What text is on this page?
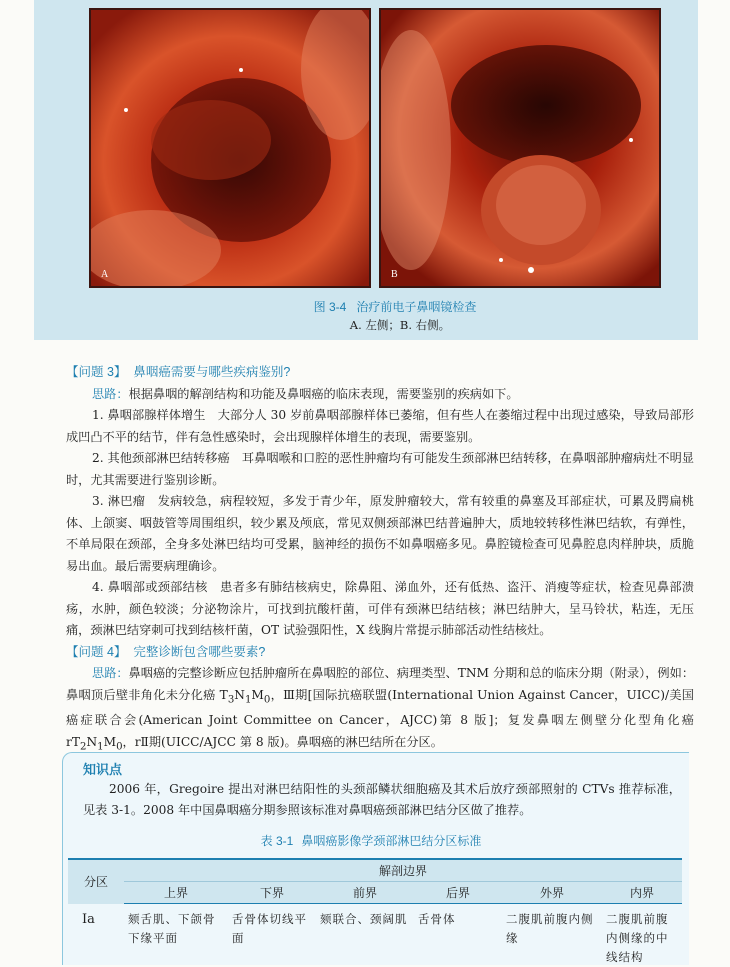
A	B
图 3-4 治疗前电子鼻咽镜检查
A. 左侧；B. 右侧。

【问题 3】 鼻咽癌需要与哪些疾病鉴别?

思路：根据鼻咽的解剖结构和功能及鼻咽癌的临床表现，需要鉴别的疾病如下。

1. 鼻咽部腺样体增生　大部分人 30 岁前鼻咽部腺样体已萎缩，但有些人在萎缩过程中出现过感染，导致局部形成凹凸不平的结节，伴有急性感染时，会出现腺样体增生的表现，需要鉴别。

2. 其他颈部淋巴结转移癌　耳鼻咽喉和口腔的恶性肿瘤均有可能发生颈部淋巴结转移，在鼻咽部肿瘤病灶不明显时，尤其需要进行鉴别诊断。

3. 淋巴瘤　发病较急，病程较短，多发于青少年，原发肿瘤较大，常有较重的鼻塞及耳部症状，可累及腭扁桃体、上颌窦、咽鼓管等周围组织，较少累及颅底，常见双侧颈部淋巴结普遍肿大，质地较转移性淋巴结软，有弹性，不单局限在颈部，全身多处淋巴结均可受累，脑神经的损伤不如鼻咽癌多见。鼻腔镜检查可见鼻腔息肉样肿块，质脆易出血。最后需要病理确诊。

4. 鼻咽部或颈部结核　患者多有肺结核病史，除鼻阻、涕血外，还有低热、盗汗、消瘦等症状，检查见鼻部溃疡，水肿，颜色较淡；分泌物涂片，可找到抗酸杆菌，可伴有颈淋巴结结核；淋巴结肿大，呈马铃状，粘连，无压痛，颈淋巴结穿刺可找到结核杆菌，OT 试验强阳性，X 线胸片常提示肺部活动性结核灶。

【问题 4】 完整诊断包含哪些要素?

思路：鼻咽癌的完整诊断应包括肿瘤所在鼻咽腔的部位、病理类型、TNM 分期和总的临床分期（附录），例如：鼻咽顶后壁非角化未分化癌 $T_3N_1M_0$，Ⅲ期[国际抗癌联盟(International Union Against Cancer，UICC)/美国癌症联合会(American Joint Committee on Cancer，AJCC)第 8 版]；复发鼻咽左侧壁分化型角化癌 $rT_2N_1M_0$，rⅡ期(UICC/AJCC 第 8 版)。鼻咽癌的淋巴结所在分区。

知识点

2006 年，Gregoire 提出对淋巴结阳性的头颈部鳞状细胞癌及其术后放疗颈部照射的 CTVs 推荐标准，见表 3-1。2008 年中国鼻咽癌分期参照该标准对鼻咽癌颈部淋巴结分区做了推荐。

表 3-1 鼻咽癌影像学颈部淋巴结分区标准
分区	解剖边界					
	上界	下界	前界	后界	外界	内界
Ⅰa	颏舌肌、下颌骨下缘平面	舌骨体切线平面	颏联合、颈阔肌	舌骨体	二腹肌前腹内侧缘	二腹肌前腹内侧缘的中线结构
